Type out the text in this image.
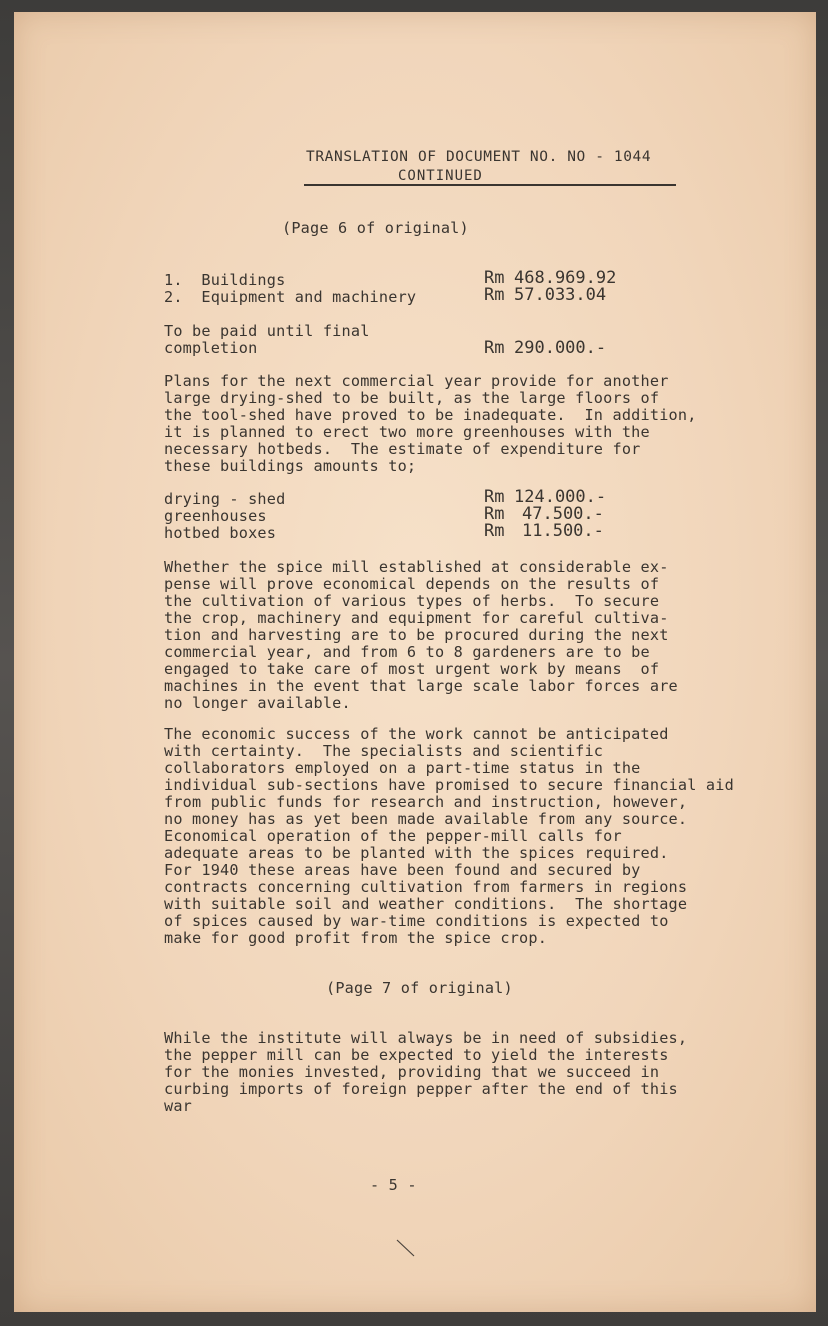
TRANSLATION OF DOCUMENT NO. NO - 1044
CONTINUED
(Page 6 of original)
1.  Buildings	Rm 468.969.92
2.  Equipment and machinery	Rm 57.033.04
To be paid until final
completion	Rm 290.000.-
Plans for the next commercial year provide for another
large drying-shed to be built, as the large floors of
the tool-shed have proved to be inadequate.  In addition,
it is planned to erect two more greenhouses with the
necessary hotbeds.  The estimate of expenditure for
these buildings amounts to;
drying - shed	Rm 124.000.-
greenhouses	Rm 47.500.-
hotbed boxes	Rm 11.500.-
Whether the spice mill established at considerable ex-
pense will prove economical depends on the results of
the cultivation of various types of herbs.  To secure
the crop, machinery and equipment for careful cultiva-
tion and harvesting are to be procured during the next
commercial year, and from 6 to 8 gardeners are to be
engaged to take care of most urgent work by means  of
machines in the event that large scale labor forces are
no longer available.
The economic success of the work cannot be anticipated
with certainty.  The specialists and scientific
collaborators employed on a part-time status in the
individual sub-sections have promised to secure financial aid
from public funds for research and instruction, however,
no money has as yet been made available from any source.
Economical operation of the pepper-mill calls for
adequate areas to be planted with the spices required.
For 1940 these areas have been found and secured by
contracts concerning cultivation from farmers in regions
with suitable soil and weather conditions.  The shortage
of spices caused by war-time conditions is expected to
make for good profit from the spice crop.
(Page 7 of original)
While the institute will always be in need of subsidies,
the pepper mill can be expected to yield the interests
for the monies invested, providing that we succeed in
curbing imports of foreign pepper after the end of this
war
- 5 -
